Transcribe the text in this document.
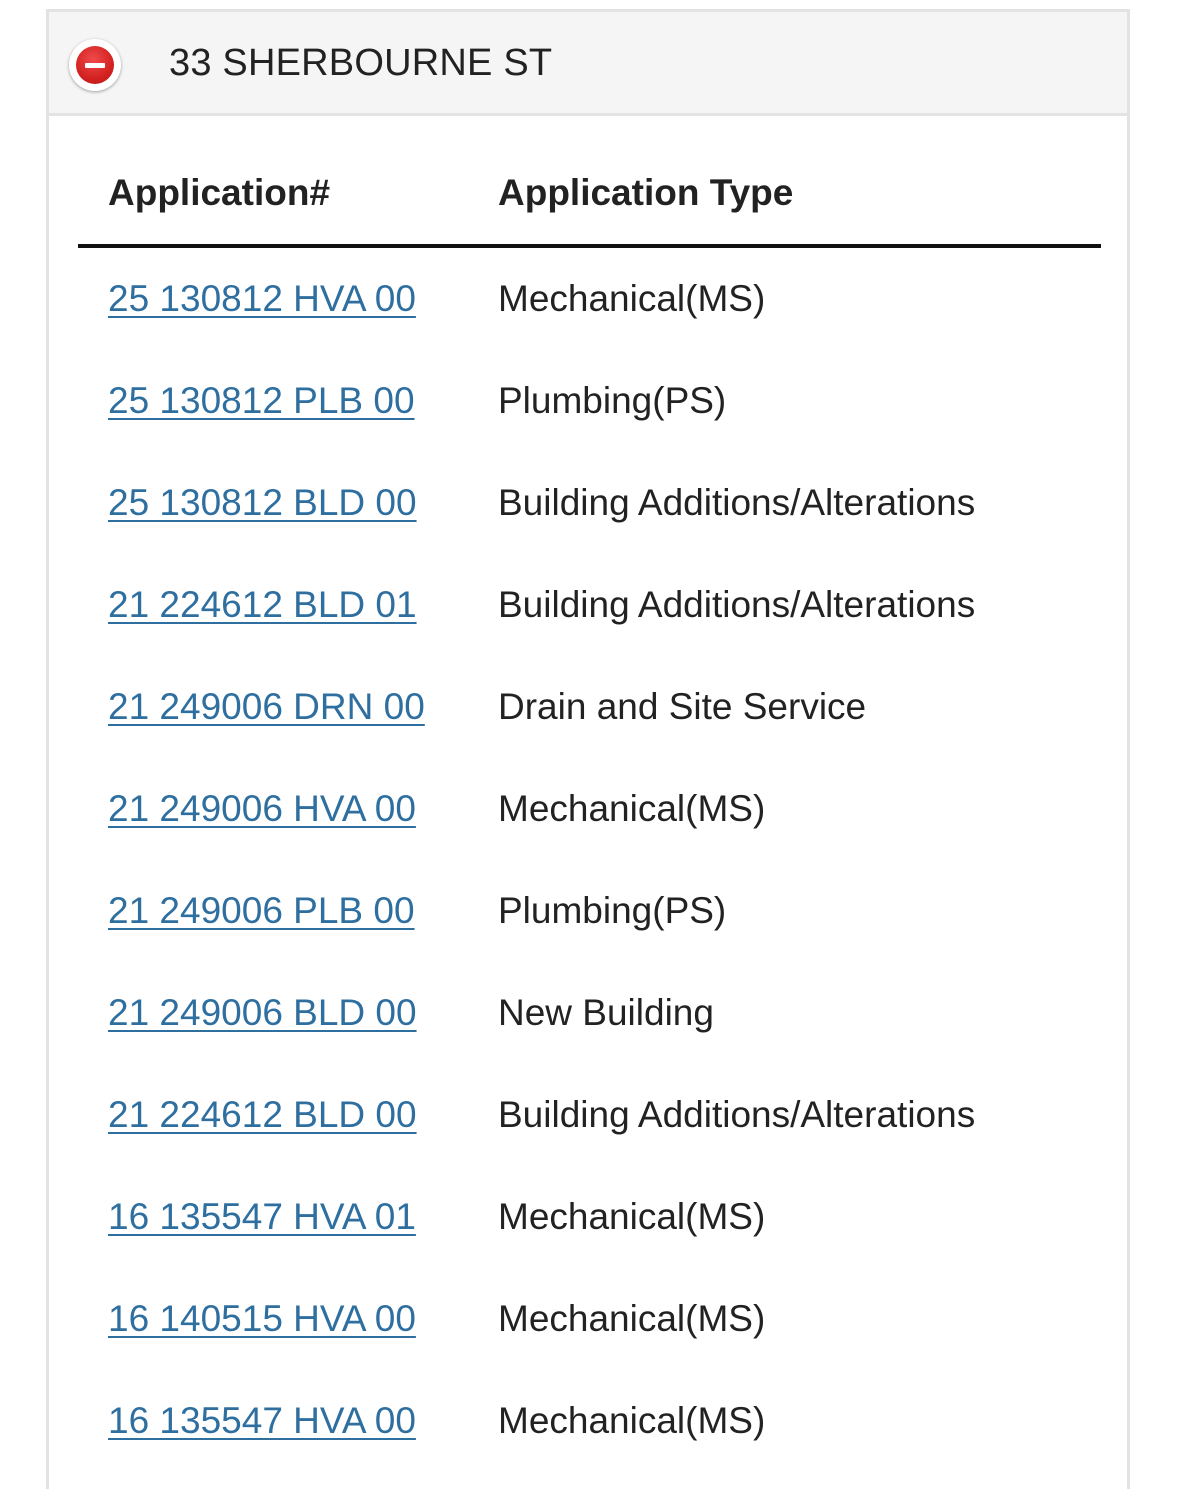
33 SHERBOURNE ST
Application#	Application Type
25 130812 HVA 00	Mechanical(MS)
25 130812 PLB 00	Plumbing(PS)
25 130812 BLD 00	Building Additions/Alterations
21 224612 BLD 01	Building Additions/Alterations
21 249006 DRN 00	Drain and Site Service
21 249006 HVA 00	Mechanical(MS)
21 249006 PLB 00	Plumbing(PS)
21 249006 BLD 00	New Building
21 224612 BLD 00	Building Additions/Alterations
16 135547 HVA 01	Mechanical(MS)
16 140515 HVA 00	Mechanical(MS)
16 135547 HVA 00	Mechanical(MS)
